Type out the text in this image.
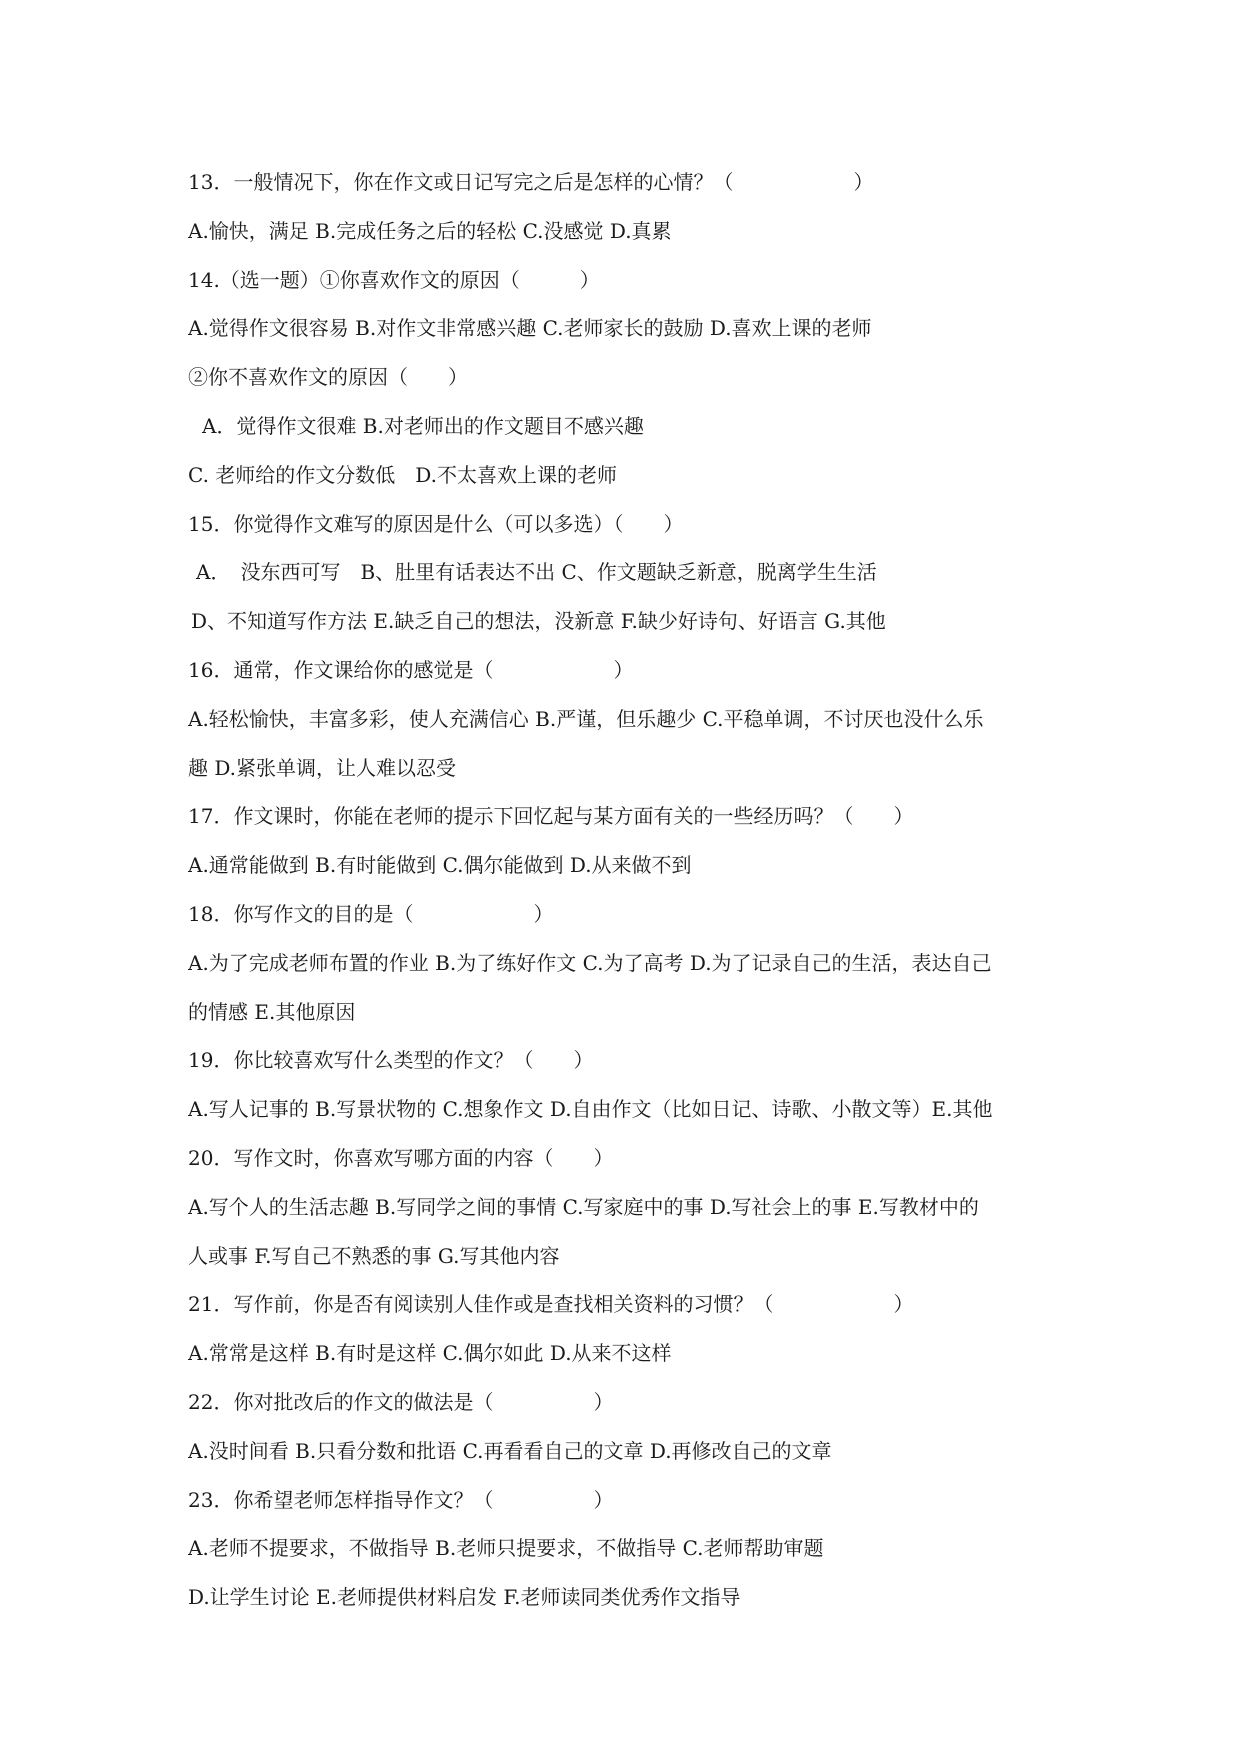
13．一般情况下，你在作文或日记写完之后是怎样的心情？（　　　　　　）
A.愉快，满足 B.完成任务之后的轻松 C.没感觉 D.真累
14.（选一题）①你喜欢作文的原因（　　　）
A.觉得作文很容易 B.对作文非常感兴趣 C.老师家长的鼓励 D.喜欢上课的老师
②你不喜欢作文的原因（　　）
A．觉得作文很难 B.对老师出的作文题目不感兴趣
C. 老师给的作文分数低　D.不太喜欢上课的老师
15．你觉得作文难写的原因是什么（可以多选）（　　）
A．　没东西可写　B、肚里有话表达不出 C、作文题缺乏新意，脱离学生生活
D、不知道写作方法 E.缺乏自己的想法，没新意 F.缺少好诗句、好语言 G.其他
16．通常，作文课给你的感觉是（　　　　　　）
A.轻松愉快，丰富多彩，使人充满信心 B.严谨，但乐趣少 C.平稳单调，不讨厌也没什么乐
趣 D.紧张单调，让人难以忍受
17．作文课时，你能在老师的提示下回忆起与某方面有关的一些经历吗？（　　）
A.通常能做到 B.有时能做到 C.偶尔能做到 D.从来做不到
18．你写作文的目的是（　　　　　　）
A.为了完成老师布置的作业 B.为了练好作文 C.为了高考 D.为了记录自己的生活，表达自己
的情感 E.其他原因
19．你比较喜欢写什么类型的作文？（　　）
A.写人记事的 B.写景状物的 C.想象作文 D.自由作文（比如日记、诗歌、小散文等）E.其他
20．写作文时，你喜欢写哪方面的内容（　　）
A.写个人的生活志趣 B.写同学之间的事情 C.写家庭中的事 D.写社会上的事 E.写教材中的
人或事 F.写自己不熟悉的事 G.写其他内容
21．写作前，你是否有阅读别人佳作或是查找相关资料的习惯？（　　　　　　）
A.常常是这样 B.有时是这样 C.偶尔如此 D.从来不这样
22．你对批改后的作文的做法是（　　　　　）
A.没时间看 B.只看分数和批语 C.再看看自己的文章 D.再修改自己的文章
23．你希望老师怎样指导作文？（　　　　　）
A.老师不提要求，不做指导 B.老师只提要求，不做指导 C.老师帮助审题
D.让学生讨论 E.老师提供材料启发 F.老师读同类优秀作文指导
